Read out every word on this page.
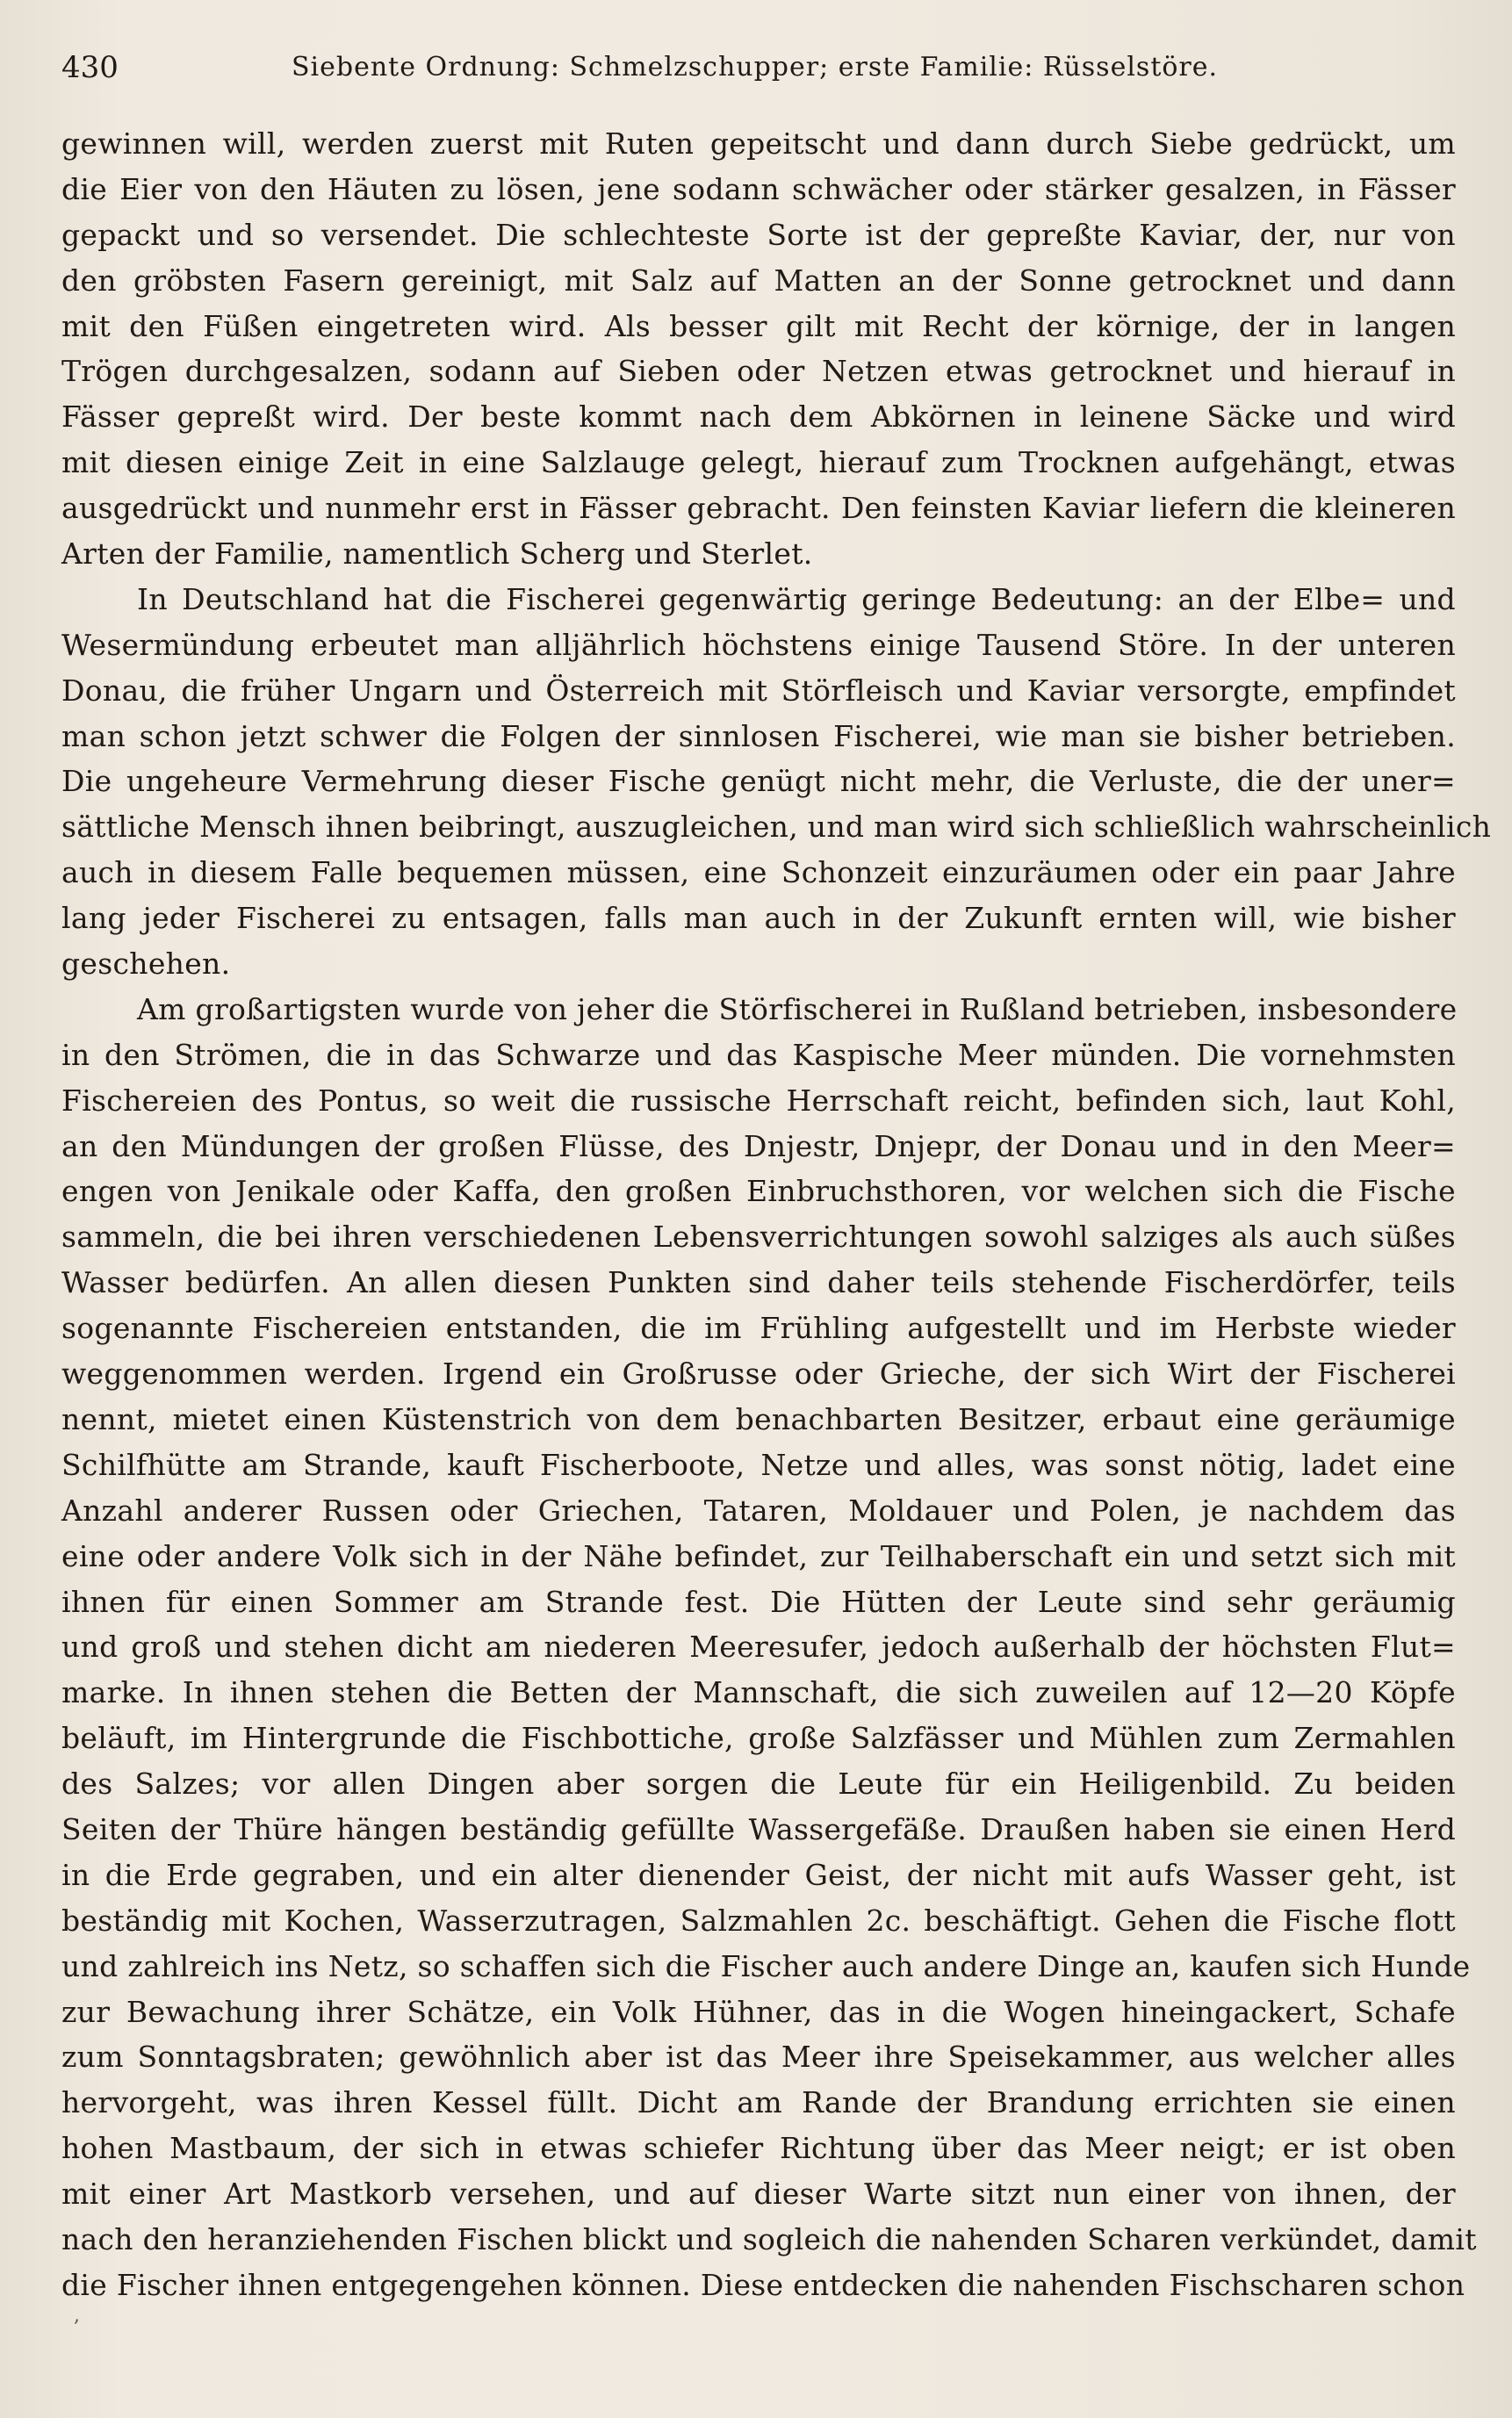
430	Siebente Ordnung: Schmelzschupper; erste Familie: Rüsselstöre.
gewinnen will, werden zuerst mit Ruten gepeitscht und dann durch Siebe gedrückt, um
die Eier von den Häuten zu lösen, jene sodann schwächer oder stärker gesalzen, in Fässer
gepackt und so versendet. Die schlechteste Sorte ist der gepreßte Kaviar, der, nur von
den gröbsten Fasern gereinigt, mit Salz auf Matten an der Sonne getrocknet und dann
mit den Füßen eingetreten wird. Als besser gilt mit Recht der körnige, der in langen
Trögen durchgesalzen, sodann auf Sieben oder Netzen etwas getrocknet und hierauf in
Fässer gepreßt wird. Der beste kommt nach dem Abkörnen in leinene Säcke und wird
mit diesen einige Zeit in eine Salzlauge gelegt, hierauf zum Trocknen aufgehängt, etwas
ausgedrückt und nunmehr erst in Fässer gebracht. Den feinsten Kaviar liefern die kleineren
Arten der Familie, namentlich Scherg und Sterlet.
In Deutschland hat die Fischerei gegenwärtig geringe Bedeutung: an der Elbe= und
Wesermündung erbeutet man alljährlich höchstens einige Tausend Störe. In der unteren
Donau, die früher Ungarn und Österreich mit Störfleisch und Kaviar versorgte, empfindet
man schon jetzt schwer die Folgen der sinnlosen Fischerei, wie man sie bisher betrieben.
Die ungeheure Vermehrung dieser Fische genügt nicht mehr, die Verluste, die der uner=
sättliche Mensch ihnen beibringt, auszugleichen, und man wird sich schließlich wahrscheinlich
auch in diesem Falle bequemen müssen, eine Schonzeit einzuräumen oder ein paar Jahre
lang jeder Fischerei zu entsagen, falls man auch in der Zukunft ernten will, wie bisher
geschehen.
Am großartigsten wurde von jeher die Störfischerei in Rußland betrieben, insbesondere
in den Strömen, die in das Schwarze und das Kaspische Meer münden. Die vornehmsten
Fischereien des Pontus, so weit die russische Herrschaft reicht, befinden sich, laut Kohl,
an den Mündungen der großen Flüsse, des Dnjestr, Dnjepr, der Donau und in den Meer=
engen von Jenikale oder Kaffa, den großen Einbruchsthoren, vor welchen sich die Fische
sammeln, die bei ihren verschiedenen Lebensverrichtungen sowohl salziges als auch süßes
Wasser bedürfen. An allen diesen Punkten sind daher teils stehende Fischerdörfer, teils
sogenannte Fischereien entstanden, die im Frühling aufgestellt und im Herbste wieder
weggenommen werden. Irgend ein Großrusse oder Grieche, der sich Wirt der Fischerei
nennt, mietet einen Küstenstrich von dem benachbarten Besitzer, erbaut eine geräumige
Schilfhütte am Strande, kauft Fischerboote, Netze und alles, was sonst nötig, ladet eine
Anzahl anderer Russen oder Griechen, Tataren, Moldauer und Polen, je nachdem das
eine oder andere Volk sich in der Nähe befindet, zur Teilhaberschaft ein und setzt sich mit
ihnen für einen Sommer am Strande fest. Die Hütten der Leute sind sehr geräumig
und groß und stehen dicht am niederen Meeresufer, jedoch außerhalb der höchsten Flut=
marke. In ihnen stehen die Betten der Mannschaft, die sich zuweilen auf 12—20 Köpfe
beläuft, im Hintergrunde die Fischbottiche, große Salzfässer und Mühlen zum Zermahlen
des Salzes; vor allen Dingen aber sorgen die Leute für ein Heiligenbild. Zu beiden
Seiten der Thüre hängen beständig gefüllte Wassergefäße. Draußen haben sie einen Herd
in die Erde gegraben, und ein alter dienender Geist, der nicht mit aufs Wasser geht, ist
beständig mit Kochen, Wasserzutragen, Salzmahlen 2c. beschäftigt. Gehen die Fische flott
und zahlreich ins Netz, so schaffen sich die Fischer auch andere Dinge an, kaufen sich Hunde
zur Bewachung ihrer Schätze, ein Volk Hühner, das in die Wogen hineingackert, Schafe
zum Sonntagsbraten; gewöhnlich aber ist das Meer ihre Speisekammer, aus welcher alles
hervorgeht, was ihren Kessel füllt. Dicht am Rande der Brandung errichten sie einen
hohen Mastbaum, der sich in etwas schiefer Richtung über das Meer neigt; er ist oben
mit einer Art Mastkorb versehen, und auf dieser Warte sitzt nun einer von ihnen, der
nach den heranziehenden Fischen blickt und sogleich die nahenden Scharen verkündet, damit
die Fischer ihnen entgegengehen können. Diese entdecken die nahenden Fischscharen schon
,
